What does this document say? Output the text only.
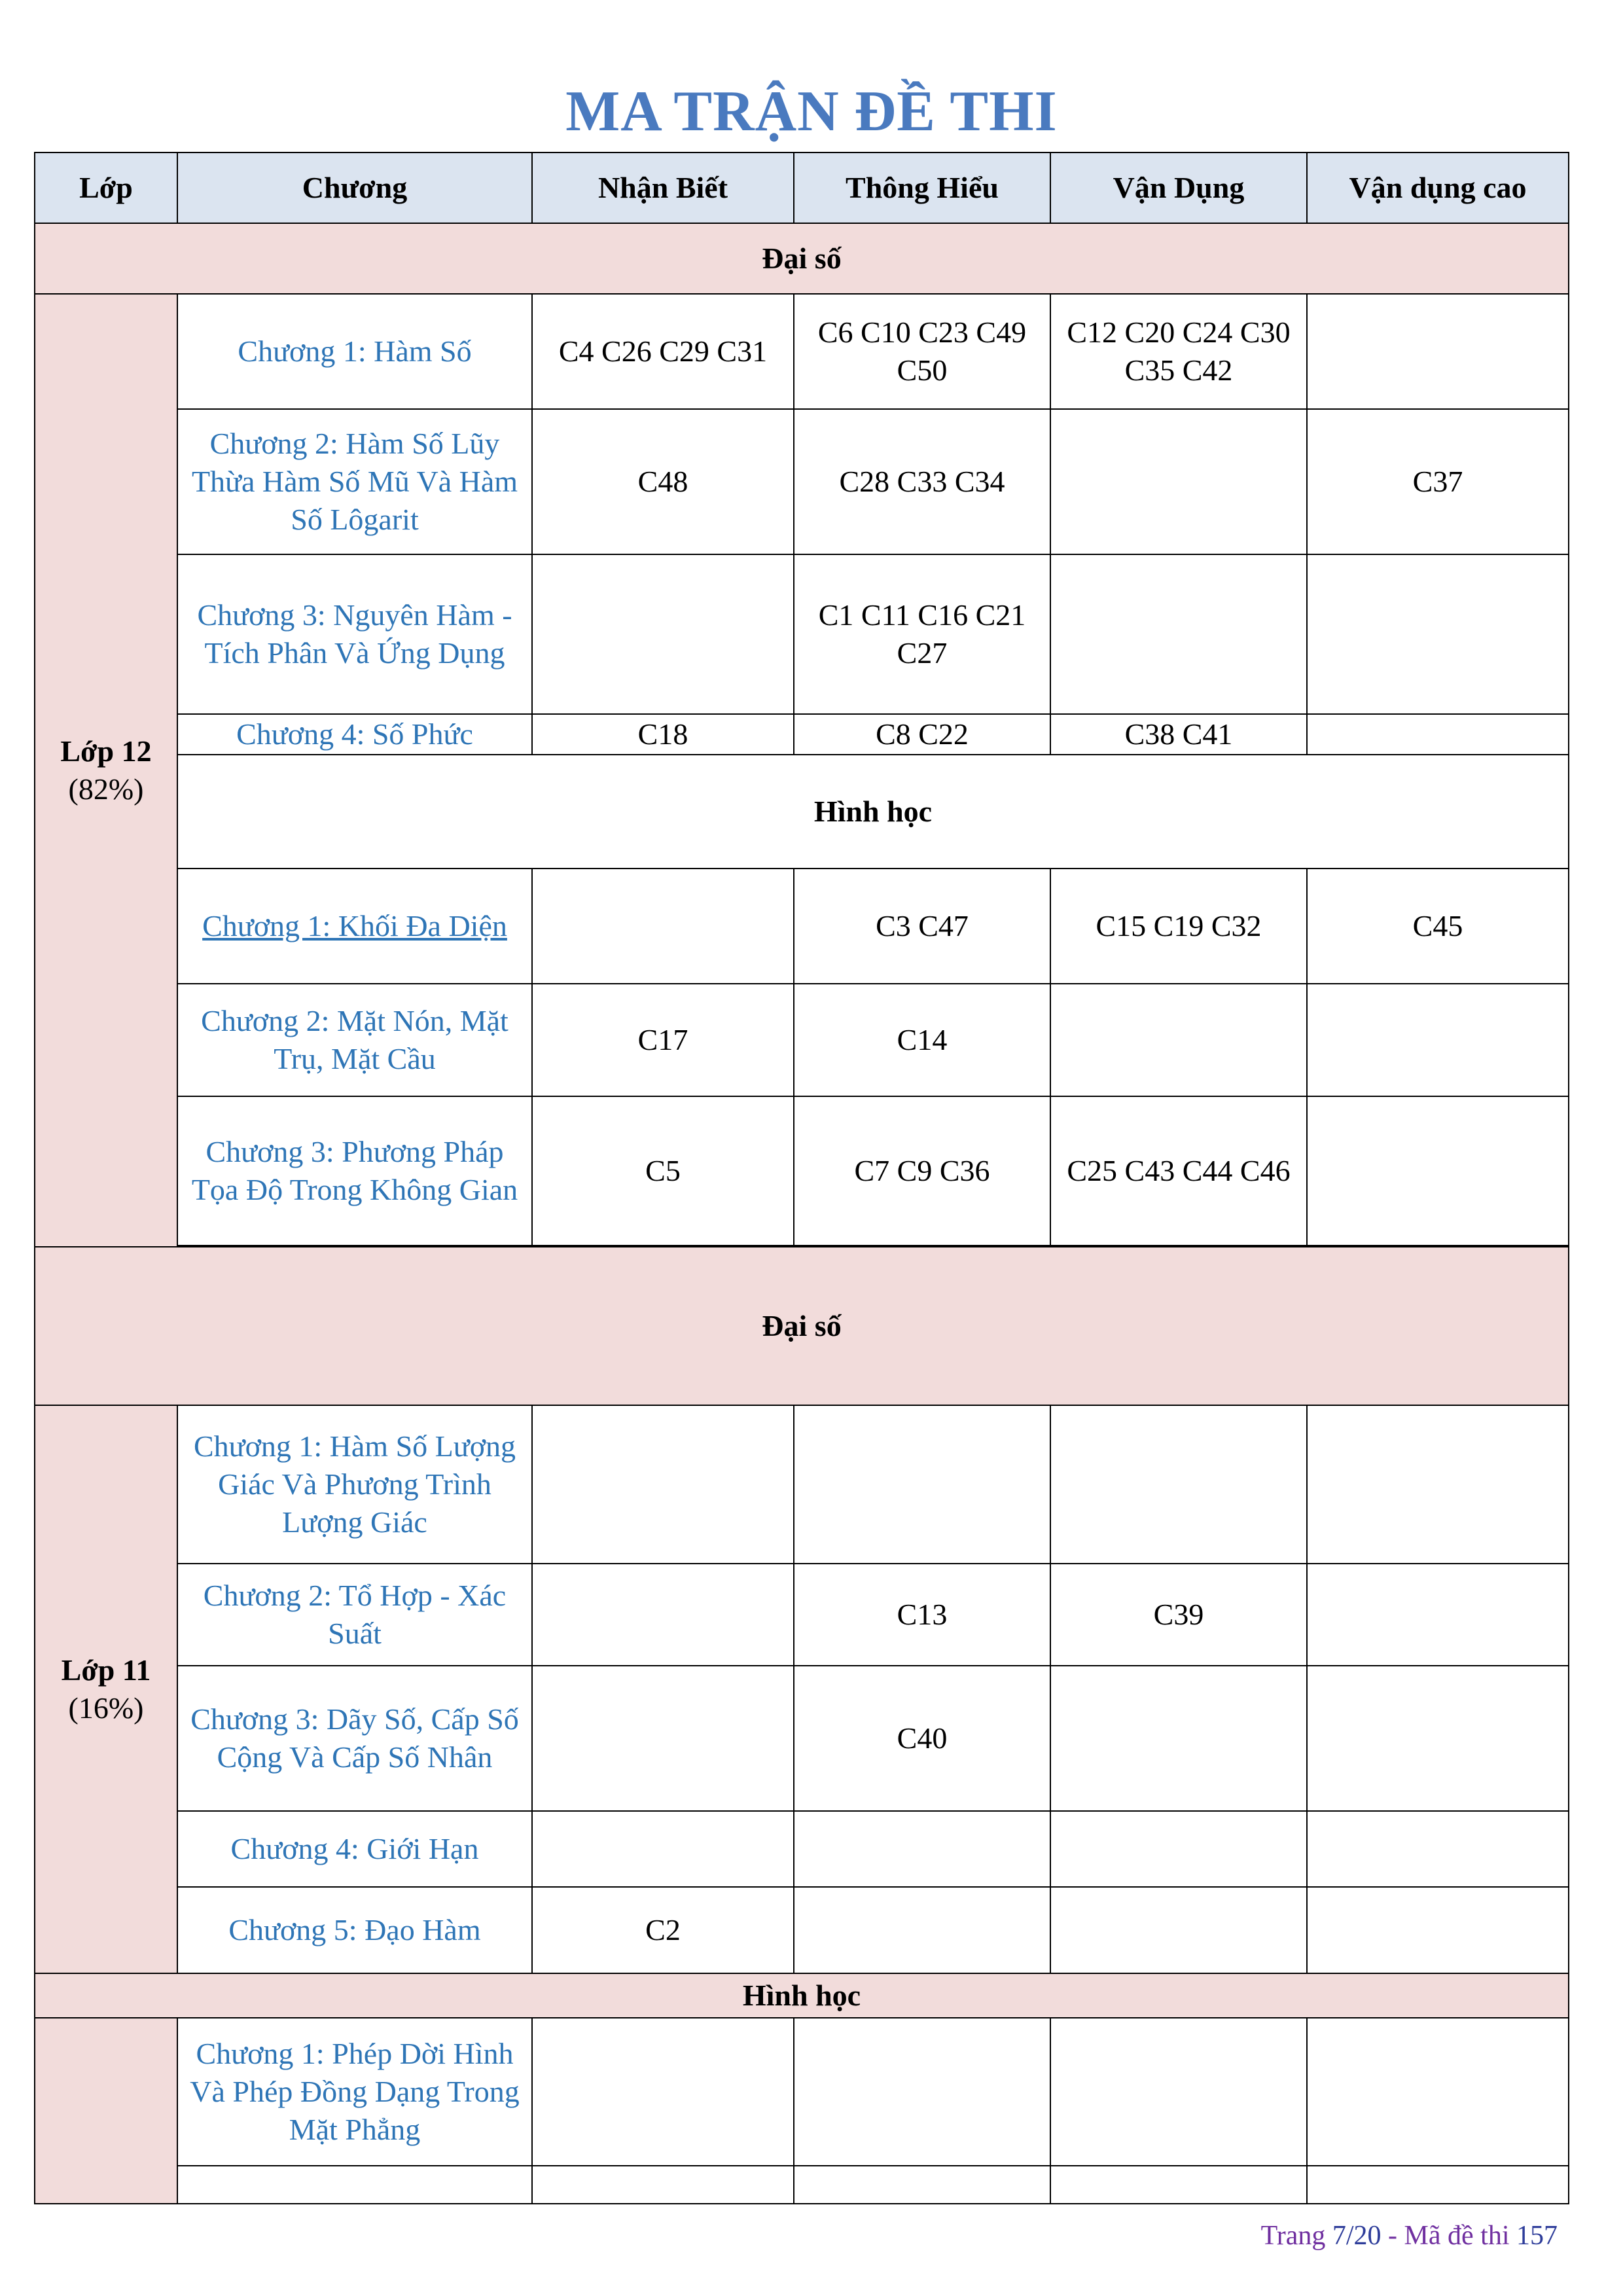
MA TRẬN ĐỀ THI
Lớp	Chương	Nhận Biết	Thông Hiểu	Vận Dụng	Vận dụng cao
Đại số					

Lớp 12
(82%)	Chương 1: Hàm Số	C4 C26 C29 C31	C6 C10 C23 C49 C50	C12 C20 C24 C30 C35 C42	
	Chương 2: Hàm Số Lũy Thừa Hàm Số Mũ Và Hàm Số Lôgarit	C48	C28 C33 C34		C37
	Chương 3: Nguyên Hàm - Tích Phân Và Ứng Dụng		C1 C11 C16 C21 C27		
	Chương 4: Số Phức	C18	C8 C22	C38 C41	
	Hình học				
	Chương 1: Khối Đa Diện		C3 C47	C15 C19 C32	C45
	Chương 2: Mặt Nón, Mặt Trụ, Mặt Cầu	C17	C14		
	Chương 3: Phương Pháp Tọa Độ Trong Không Gian	C5	C7 C9 C36	C25 C43 C44 C46	

Đại số					

Lớp 11
(16%)	Chương 1: Hàm Số Lượng Giác Và Phương Trình Lượng Giác				
	Chương 2: Tổ Hợp - Xác Suất		C13	C39	
	Chương 3: Dãy Số, Cấp Số Cộng Và Cấp Số Nhân		C40		
	Chương 4: Giới Hạn				
	Chương 5: Đạo Hàm	C2			
Hình học					
	Chương 1: Phép Dời Hình Và Phép Đồng Dạng Trong Mặt Phẳng				

Trang 7/20 - Mã đề thi 157
